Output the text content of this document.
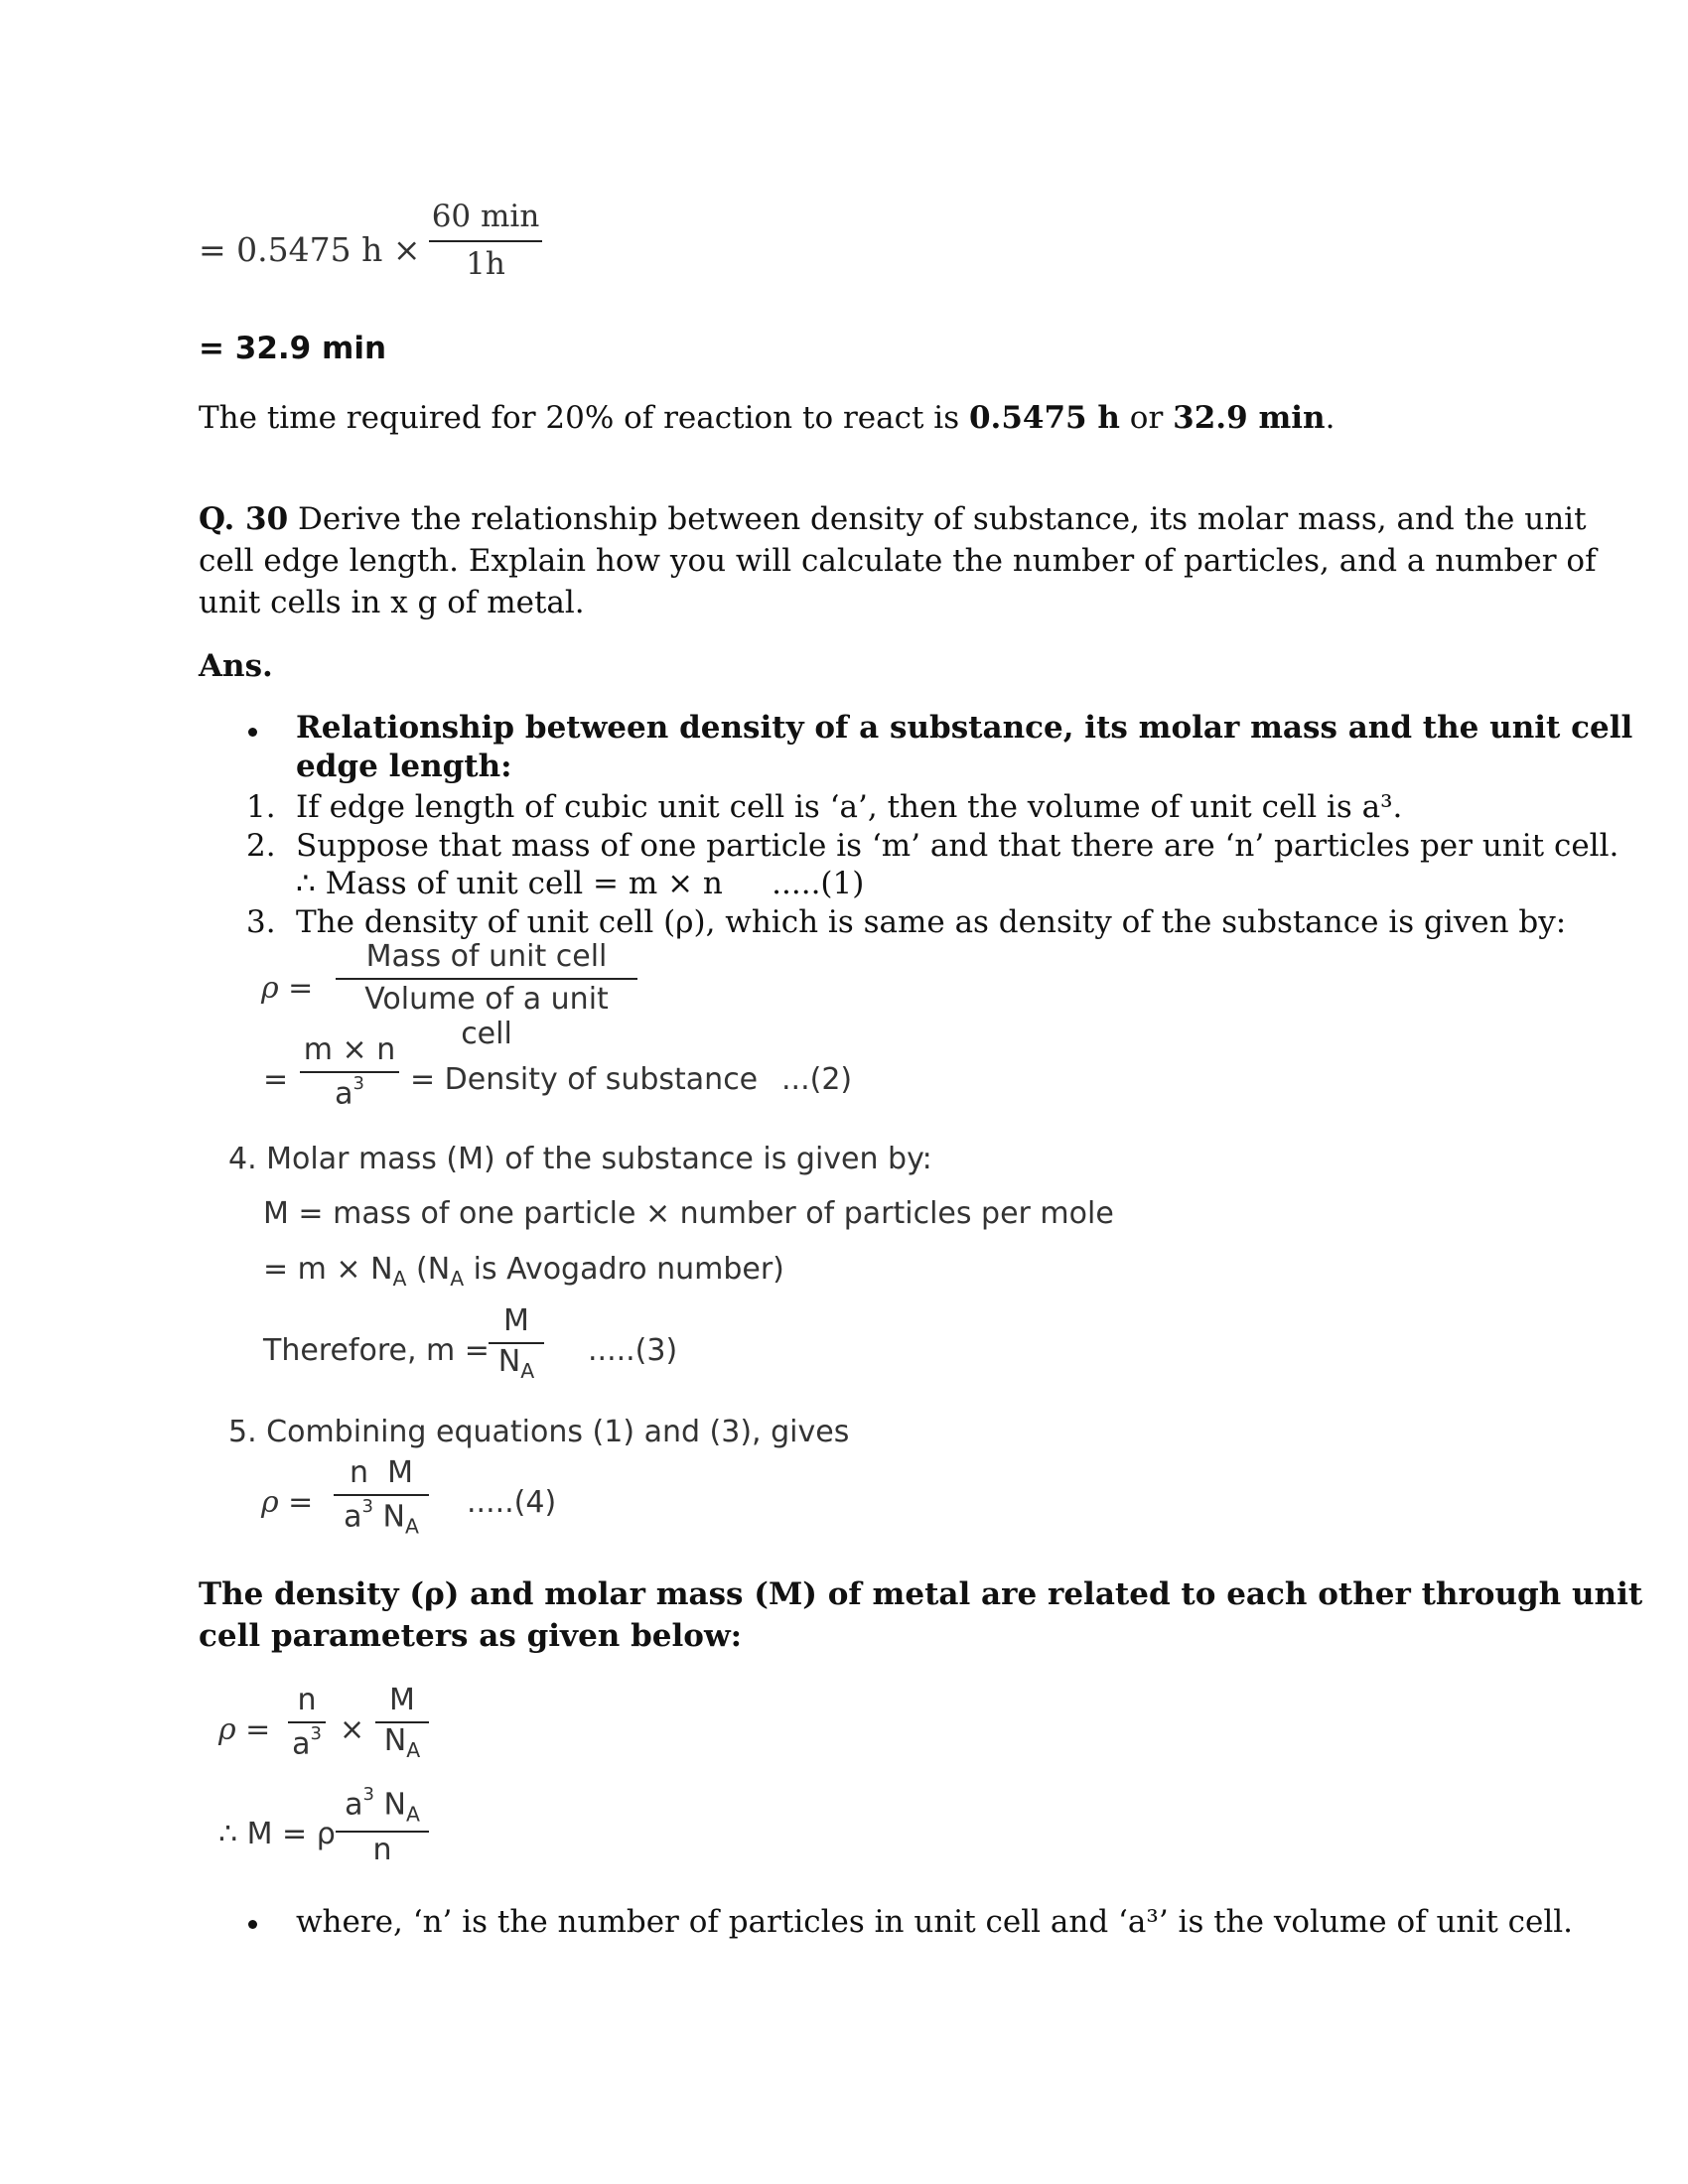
= 0.5475 h ×
60 min
1h
= 32.9 min
The time required for 20% of reaction to react is 0.5475 h or 32.9 min.
Q. 30 Derive the relationship between density of substance, its molar mass, and the unit
cell edge length. Explain how you will calculate the number of particles, and a number of
unit cells in x g of metal.
Ans.
Relationship between density of a substance, its molar mass and the unit cell
edge length:
1. If edge length of cubic unit cell is ‘a’, then the volume of unit cell is a³.
2. Suppose that mass of one particle is ‘m’ and that there are ‘n’ particles per unit cell.
∴ Mass of unit cell = m × n     .....(1)
3. The density of unit cell (ρ), which is same as density of the substance is given by:
ρ =
Mass of unit cell
Volume of a unit cell
=
m × n
$a^3$	= Density of substance ...(2)
4. Molar mass (M) of the substance is given by:
M = mass of one particle × number of particles per mole
= $m \times N_A$ ($N_A$ is Avogadro number)
Therefore, m =
M
$N_A$
.....(3)
5. Combining equations (1) and (3), gives
ρ =
n  M
$a^3$ $N_A$
.....(4)
The density (ρ) and molar mass (M) of metal are related to each other through unit
cell parameters as given below:
ρ =
n
$a^3$ ×
M
$N_A$
∴ M = ρ
$a^3$ $N_A$
n
where, ‘n’ is the number of particles in unit cell and ‘a³’ is the volume of unit cell.
